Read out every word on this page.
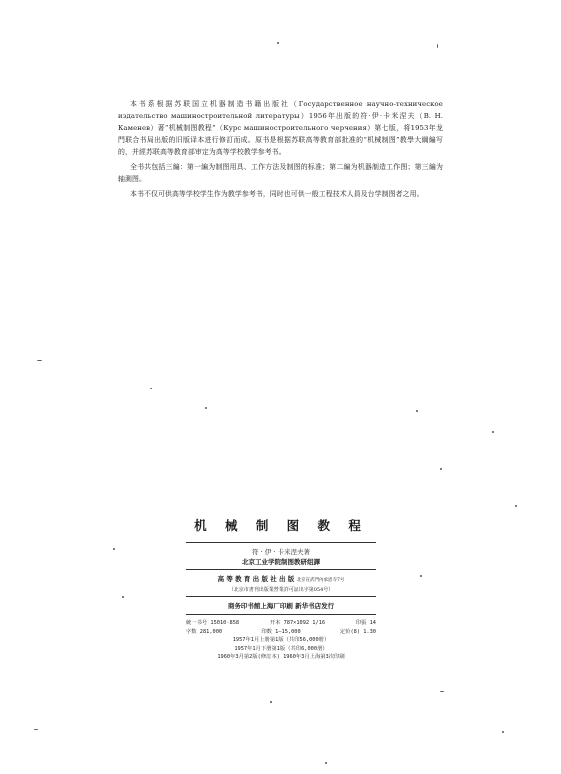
本书系根据苏联国立机器制造书籍出版社（Государственное научно-техническое издательство машиностроительной литературы）1956年出版的符·伊·卡米涅夫（В. Н. Каменев）著“机械制图教程”（Курс машиностроительного черчения）第七版，将1953年龙門联合书局出版的旧版译本进行修訂而成。原书是根据苏联高等教育部批准的“机械制图”教學大綱編写的，并經苏联高等教育部审定为高等学校教学参考书。

全书共包括三編：第一編为制图用具、工作方法及制图的标准；第二編为机器制造工作图；第三編为轴測图。

本书不仅可供高等学校学生作为教学参考书，同时也可供一般工程技术人員及台学制图者之用。

机 械 制 图 教 程
符 · 伊 · 卡米涅夫著
北京工业学院制图教研组譯
高 等 教 育 出 版 社 出 版 北京宣武門內承恩寺7号
（北京市書刊出版業營業許可証出字第054号）
商务印书館上海厂印刷 新华书店发行
統一书号 15010·858	开本 787×1092 1/16	印張 14
字数 281,000	印数 1—15,000	定价(8) 1.30
1957年1月上册第1版（共印56,000册）
1957年1月下册第1版（共印6,000册）
1960年3月第2版(修訂本) 1960年3月上海第3次印刷
